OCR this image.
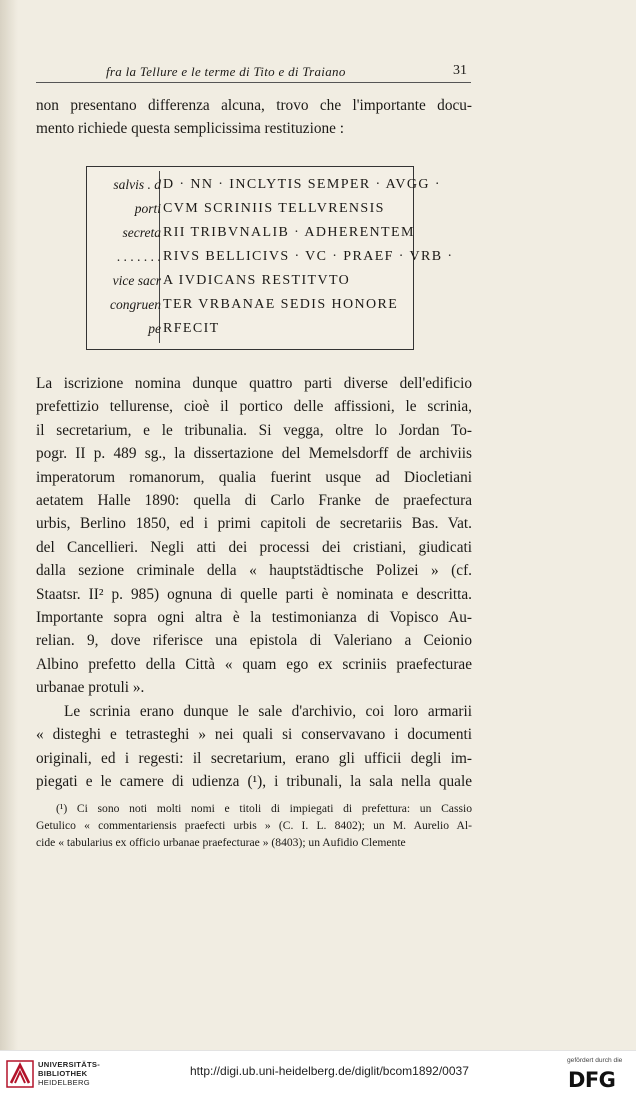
fra la Tellure e le terme di Tito e di Traiano	31
non presentano differenza alcuna, trovo che l'importante docu-
mento richiede questa semplicissima restituzione :
salvis . d D · NN · INCLYTIS SEMPER · AVGG ·
porti CVM SCRINIIS TELLVRENSIS
secreta RII TRIBVNALIB · ADHERENTEM
. . . . . . . RIVS BELLICIVS · VC · PRAEF · VRB ·
vice sacr A IVDICANS RESTITVTO
congruen TER VRBANAE SEDIS HONORE
pe RFECIT
La iscrizione nomina dunque quattro parti diverse dell'edificio
prefettizio tellurense, cioè il portico delle affissioni, le scrinia,
il secretarium, e le tribunalia. Si vegga, oltre lo Jordan To-
pogr. II p. 489 sg., la dissertazione del Memelsdorff de archiviis
imperatorum romanorum, qualia fuerint usque ad Diocletiani
aetatem Halle 1890: quella di Carlo Franke de praefectura
urbis, Berlino 1850, ed i primi capitoli de secretariis Bas. Vat.
del Cancellieri. Negli atti dei processi dei cristiani, giudicati
dalla sezione criminale della « hauptstädtische Polizei » (cf.
Staatsr. II² p. 985) ognuna di quelle parti è nominata e descritta.
Importante sopra ogni altra è la testimonianza di Vopisco Au-
relian. 9, dove riferisce una epistola di Valeriano a Ceionio
Albino prefetto della Città « quam ego ex scriniis praefecturae
urbanae protuli ».
Le scrinia erano dunque le sale d'archivio, coi loro armarii
« disteghi e tetrasteghi » nei quali si conservavano i documenti
originali, ed i regesti: il secretarium, erano gli ufficii degli im-
piegati e le camere di udienza (¹), i tribunali, la sala nella quale
(¹) Ci sono noti molti nomi e titoli di impiegati di prefettura: un Cassio
Getulico « commentariensis praefecti urbis » (C. I. L. 8402); un M. Aurelio Al-
cide « tabularius ex officio urbanae praefecturae » (8403); un Aufidio Clemente
UNIVERSITÄTS-
BIBLIOTHEK
HEIDELBERG
http://digi.ub.uni-heidelberg.de/diglit/bcom1892/0037
gefördert durch die
DFG
